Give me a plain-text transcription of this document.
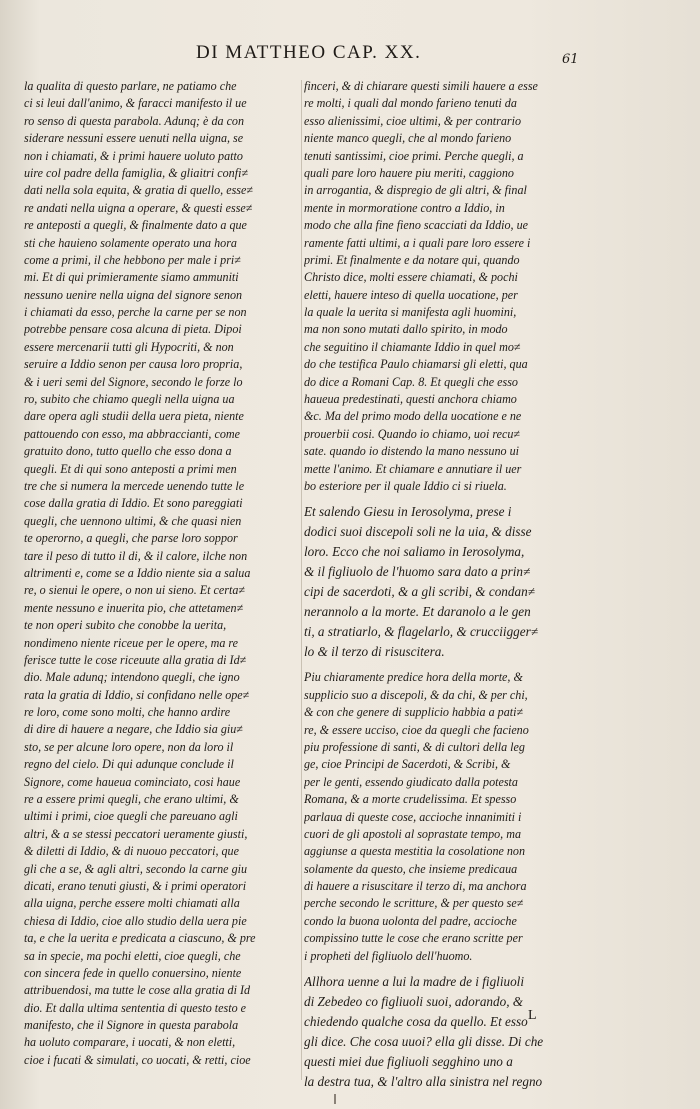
DI MATTHEO CAP. XX.	61
la qualita di questo parlare, ne patiamo che
ci si leui dall'animo, & faracci manifesto il ue
ro senso di questa parabola. Adunq; è da con
siderare nessuni essere uenuti nella uigna, se
non i chiamati, & i primi hauere uoluto patto
uire col padre della famiglia, & gliaitri confi≠
dati nella sola equita, & gratia di quello, esse≠
re andati nella uigna a operare, & questi esse≠
re anteposti a quegli, & finalmente dato a que
sti che hauieno solamente operato una hora
come a primi, il che hebbono per male i pri≠
mi. Et di qui primieramente siamo ammuniti
nessuno uenire nella uigna del signore senon
i chiamati da esso, perche la carne per se non
potrebbe pensare cosa alcuna di pieta. Dipoi
essere mercenarii tutti gli Hypocriti, & non
seruire a Iddio senon per causa loro propria,
& i ueri semi del Signore, secondo le forze lo
ro, subito che chiamo quegli nella uigna ua
dare opera agli studii della uera pieta, niente
pattouendo con esso, ma abbraccianti, come
gratuito dono, tutto quello che esso dona a
quegli. Et di qui sono anteposti a primi men
tre che si numera la mercede uenendo tutte le
cose dalla gratia di Iddio. Et sono pareggiati
quegli, che uennono ultimi, & che quasi nien
te operorno, a quegli, che parse loro soppor
tare il peso di tutto il di, & il calore, ilche non
altrimenti e, come se a Iddio niente sia a salua
re, o sienui le opere, o non ui sieno. Et certa≠
mente nessuno e inuerita pio, che attetamen≠
te non operi subito che conobbe la uerita,
nondimeno niente riceue per le opere, ma re
ferisce tutte le cose riceuute alla gratia di Id≠
dio. Male adunq; intendono quegli, che igno
rata la gratia di Iddio, si confidano nelle ope≠
re loro, come sono molti, che hanno ardire
di dire di hauere a negare, che Iddio sia giu≠
sto, se per alcune loro opere, non da loro il
regno del cielo. Di qui adunque conclude il
Signore, come haueua cominciato, cosi haue
re a essere primi quegli, che erano ultimi, &
ultimi i primi, cioe quegli che pareuano agli
altri, & a se stessi peccatori ueramente giusti,
& diletti di Iddio, & di nuouo peccatori, que
gli che a se, & agli altri, secondo la carne giu
dicati, erano tenuti giusti, & i primi operatori
alla uigna, perche essere molti chiamati alla
chiesa di Iddio, cioe allo studio della uera pie
ta, e che la uerita e predicata a ciascuno, & pre
sa in specie, ma pochi eletti, cioe quegli, che
con sincera fede in quello conuersino, niente
attribuendosi, ma tutte le cose alla gratia di Id
dio. Et dalla ultima sententia di questo testo e
manifesto, che il Signore in questa parabola
ha uoluto comparare, i uocati, & non eletti,
cioe i fucati & simulati, co uocati, & retti, cioe
finceri, & di chiarare questi simili hauere a esse
re molti, i quali dal mondo farieno tenuti da
esso alienissimi, cioe ultimi, & per contrario
niente manco quegli, che al mondo farieno
tenuti santissimi, cioe primi. Perche quegli, a
quali pare loro hauere piu meriti, caggiono
in arrogantia, & dispregio de gli altri, & final
mente in mormoratione contro a Iddio, in
modo che alla fine fieno scacciati da Iddio, ue
ramente fatti ultimi, a i quali pare loro essere i
primi. Et finalmente e da notare qui, quando
Christo dice, molti essere chiamati, & pochi
eletti, hauere inteso di quella uocatione, per
la quale la uerita si manifesta agli huomini,
ma non sono mutati dallo spirito, in modo
che seguitino il chiamante Iddio in quel mo≠
do che testifica Paulo chiamarsi gli eletti, qua
do dice a Romani Cap. 8. Et quegli che esso
haueua predestinati, questi anchora chiamo
&c. Ma del primo modo della uocatione e ne
prouerbii cosi. Quando io chiamo, uoi recu≠
sate. quando io distendo la mano nessuno ui
mette l'animo. Et chiamare e annutiare il uer
bo esteriore per il quale Iddio ci si riuela.
Et salendo Giesu in Ierosolyma, prese i
dodici suoi discepoli soli ne la uia, & disse
loro. Ecco che noi saliamo in Ierosolyma,
& il figliuolo de l'huomo sara dato a prin≠
cipi de sacerdoti, & a gli scribi, & condan≠
nerannolo a la morte. Et daranolo a le gen
ti, a stratiarlo, & flagelarlo, & crucciigger≠
lo & il terzo di risuscitera.
Piu chiaramente predice hora della morte, &
supplicio suo a discepoli, & da chi, & per chi,
& con che genere di supplicio habbia a pati≠
re, & essere ucciso, cioe da quegli che facieno
piu professione di santi, & di cultori della leg
ge, cioe Principi de Sacerdoti, & Scribi, &
per le genti, essendo giudicato dalla potesta
Romana, & a morte crudelissima. Et spesso
parlaua di queste cose, accioche innanimiti i
cuori de gli apostoli al soprastate tempo, ma
aggiunse a questa mestitia la cosolatione non
solamente da questo, che insieme predicaua
di hauere a risuscitare il terzo di, ma anchora
perche secondo le scritture, & per questo se≠
condo la buona uolonta del padre, accioche
compissino tutte le cose che erano scritte per
i propheti del figliuolo dell'huomo.
Allhora uenne a lui la madre de i figliuoli
di Zebedeo co figliuoli suoi, adorando, &
chiedendo qualche cosa da quello. Et esso
gli dice. Che cosa uuoi? ella gli disse. Di che
questi miei due figliuoli segghino uno a
la destra tua, & l'altro alla sinistra nel regno
L
